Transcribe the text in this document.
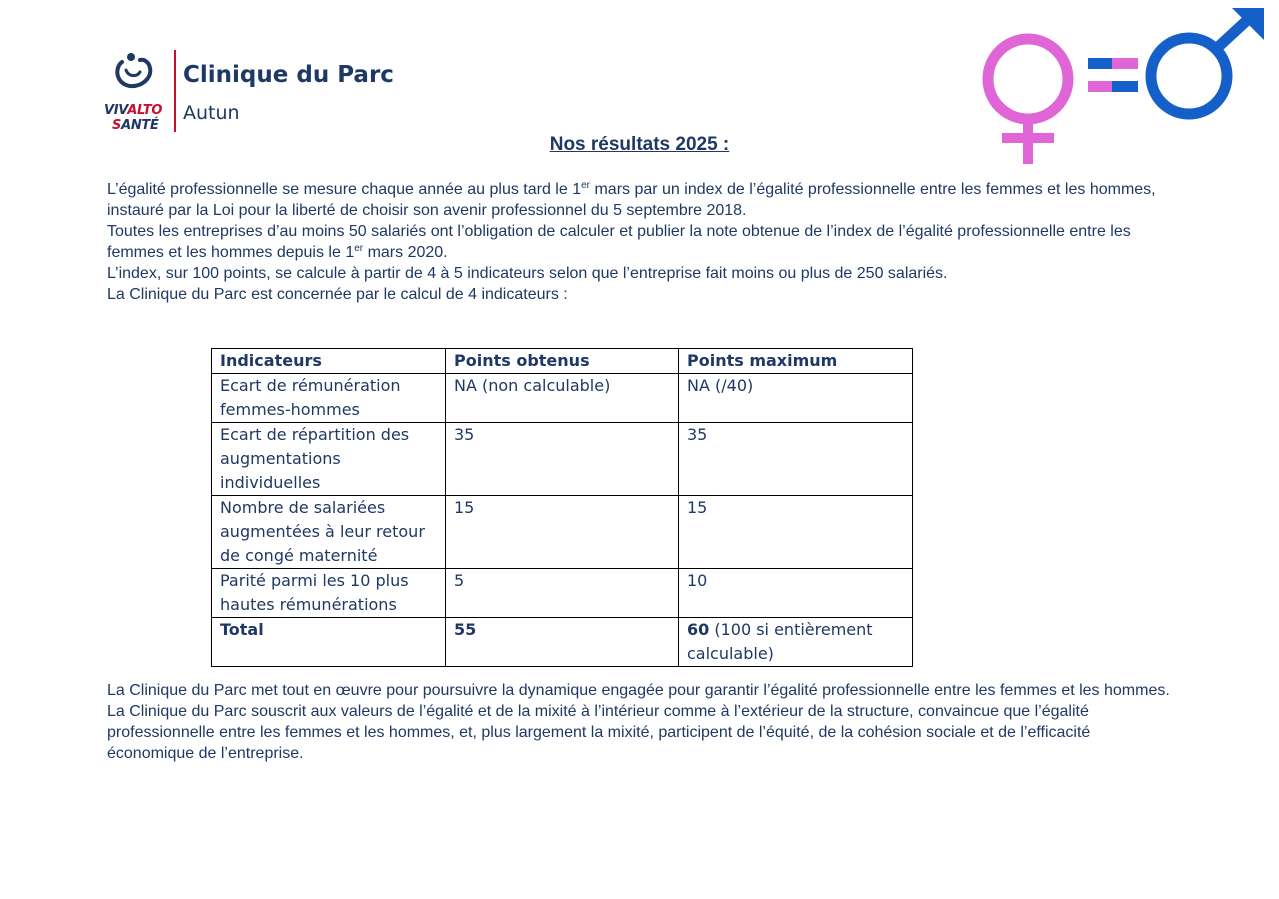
VIVALTO
SANTÉ
Clinique du Parc
Autun
Nos résultats 2025 :

L’égalité professionnelle se mesure chaque année au plus tard le 1er mars par un index de l’égalité professionnelle entre les femmes et les hommes, instauré par la Loi pour la liberté de choisir son avenir professionnel du 5 septembre 2018.

Toutes les entreprises d’au moins 50 salariés ont l’obligation de calculer et publier la note obtenue de l’index de l’égalité professionnelle entre les femmes et les hommes depuis le 1er mars 2020.

L’index, sur 100 points, se calcule à partir de 4 à 5 indicateurs selon que l’entreprise fait moins ou plus de 250 salariés.

La Clinique du Parc est concernée par le calcul de 4 indicateurs :

Indicateurs	Points obtenus	Points maximum
Ecart de rémunération femmes-hommes	NA (non calculable)	NA (/40)
Ecart de répartition des augmentations individuelles	35	35
Nombre de salariées augmentées à leur retour de congé maternité	15	15
Parité parmi les 10 plus hautes rémunérations	5	10
Total	55	60 (100 si entièrement calculable)

La Clinique du Parc met tout en œuvre pour poursuivre la dynamique engagée pour garantir l’égalité professionnelle entre les femmes et les hommes.

La Clinique du Parc souscrit aux valeurs de l’égalité et de la mixité à l’intérieur comme à l’extérieur de la structure, convaincue que l’égalité professionnelle entre les femmes et les hommes, et, plus largement la mixité, participent de l’équité, de la cohésion sociale et de l’efficacité économique de l’entreprise.
